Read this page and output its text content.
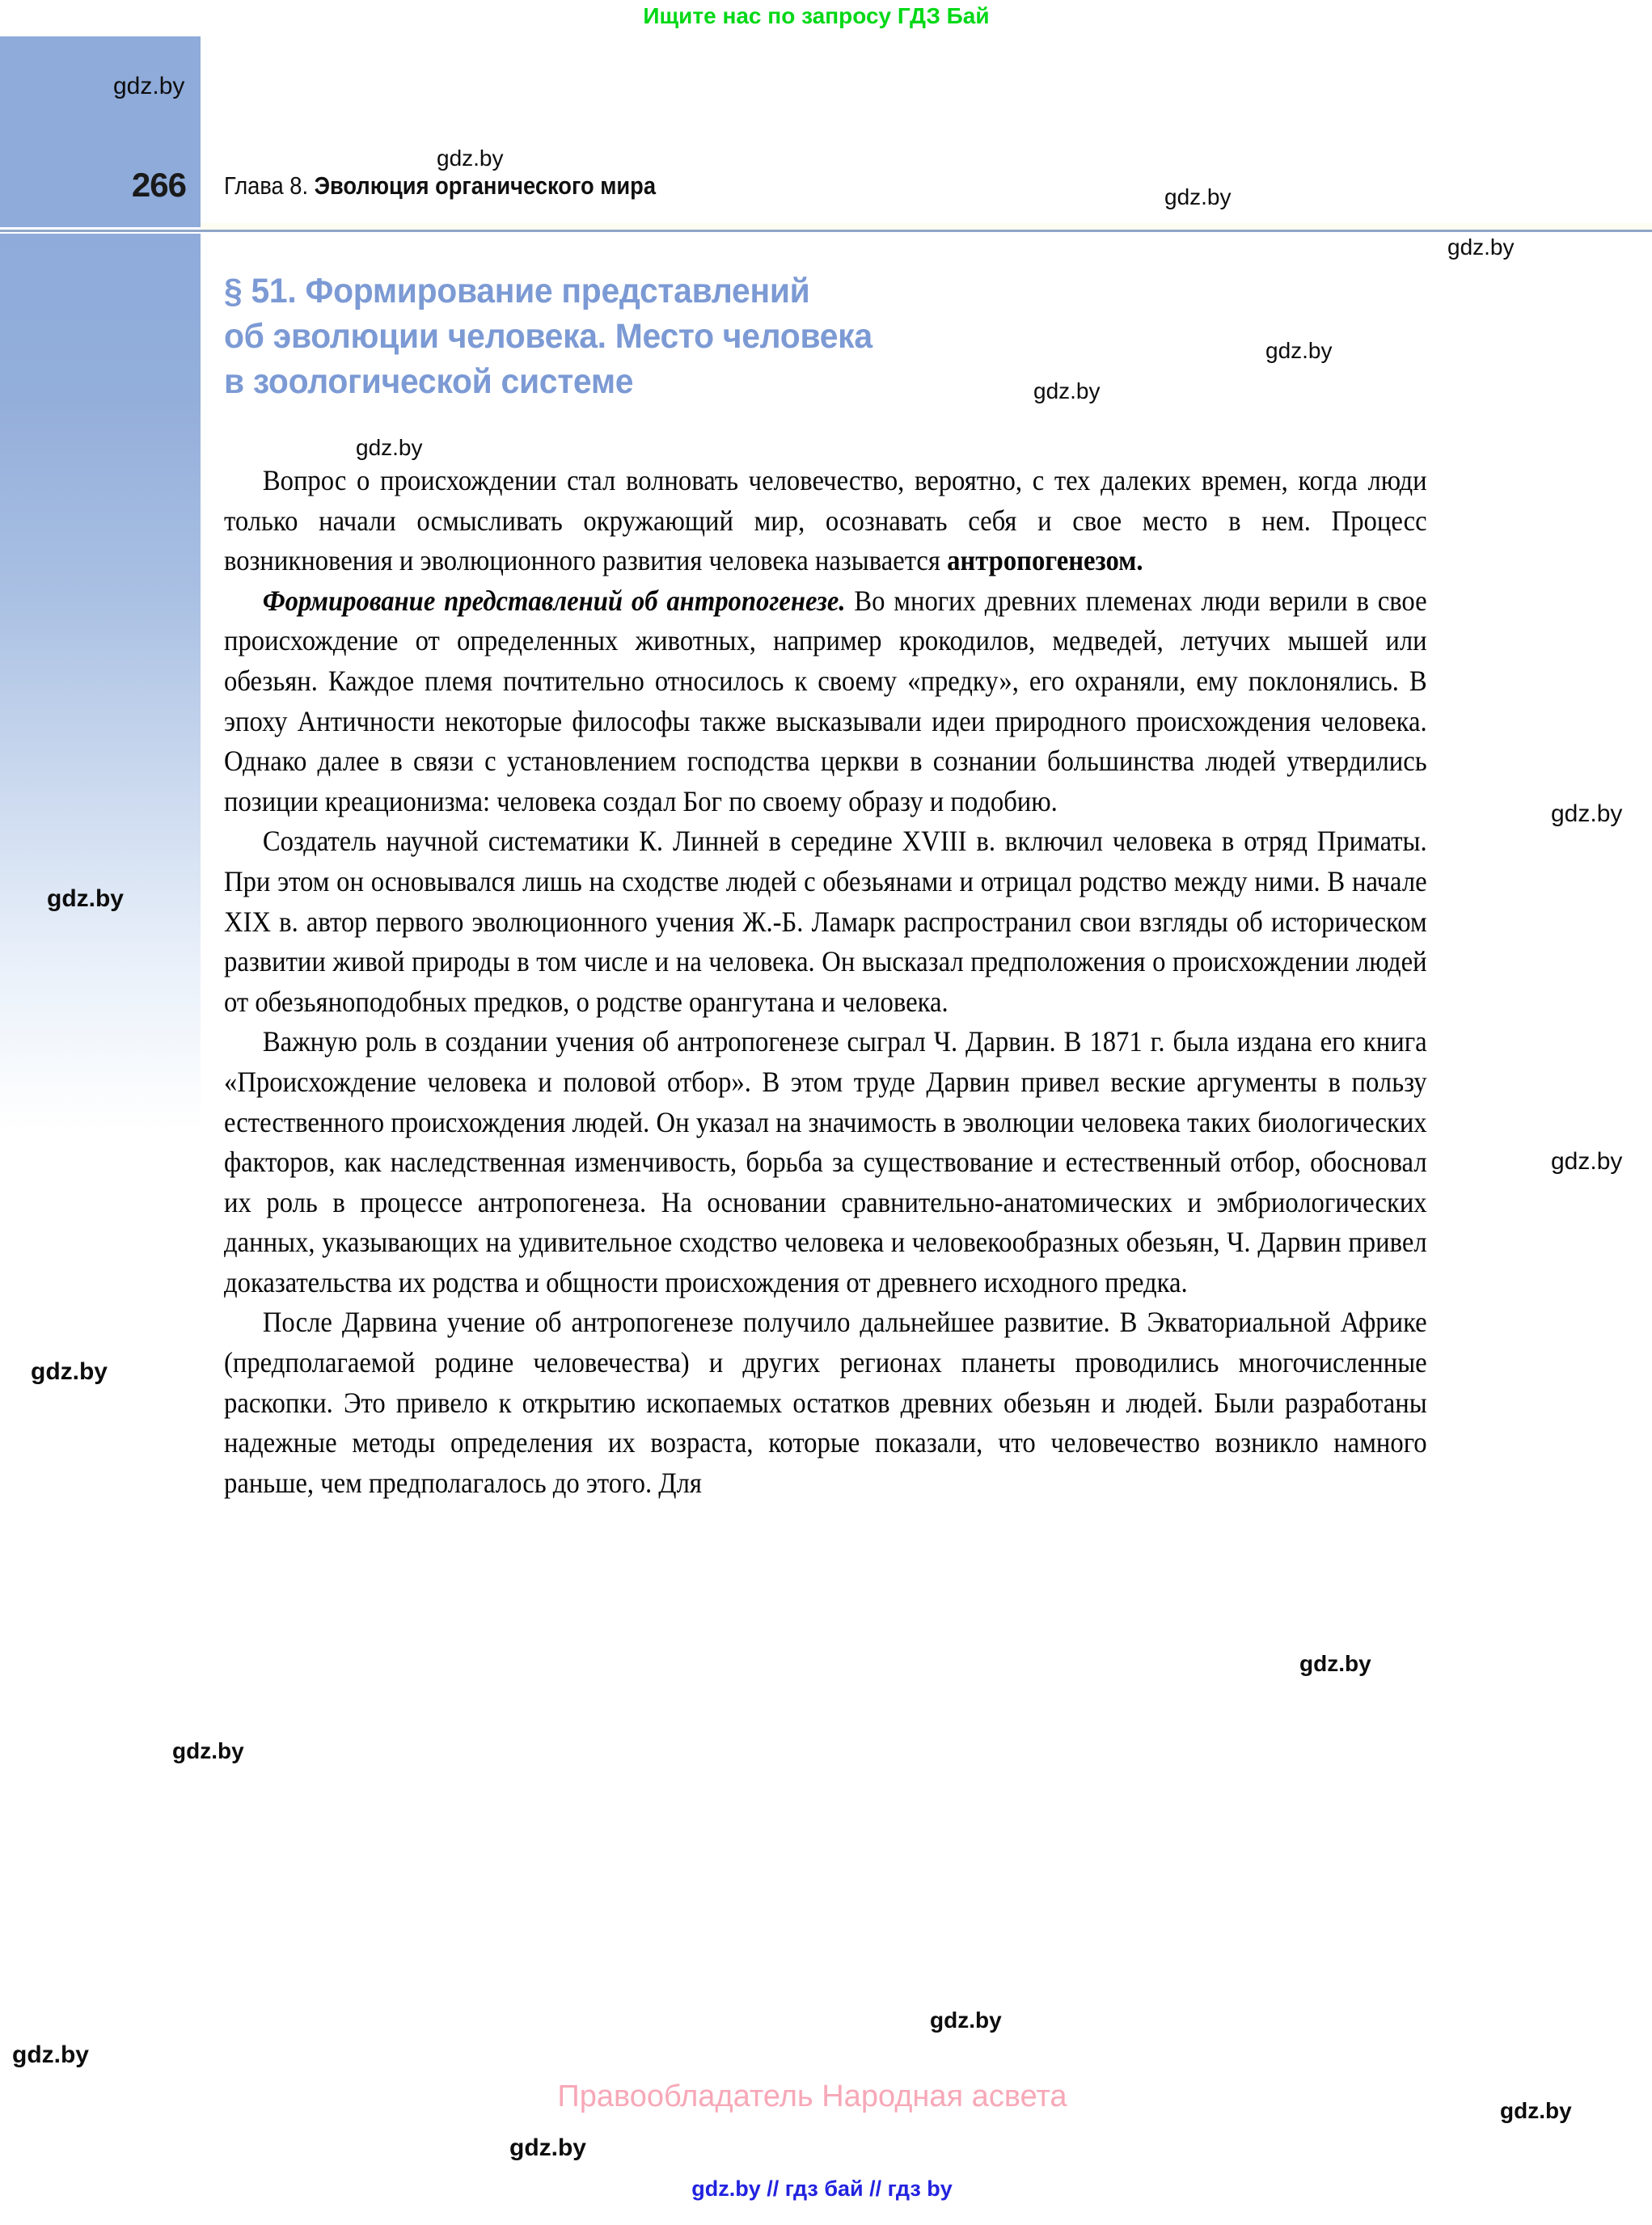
Ищите нас по запросу ГДЗ Бай
266 Глава 8. Эволюция органического мира
§ 51. Формирование представлений
об эволюции человека. Место человека
в зоологической системе

Вопрос о происхождении стал волновать человечество, вероятно, с тех далеких времен, когда люди только начали осмысливать окружающий мир, осознавать себя и свое место в нем. Процесс возникновения и эволюционного развития человека называется антропогенезом.

Формирование представлений об антропогенезе. Во многих древних племенах люди верили в свое происхождение от определенных животных, например крокодилов, медведей, летучих мышей или обезьян. Каждое племя почтительно относилось к своему «предку», его охраняли, ему поклонялись. В эпоху Античности некоторые философы также высказывали идеи природного происхождения человека. Однако далее в связи с установлением господства церкви в сознании большинства людей утвердились позиции креационизма: человека создал Бог по своему образу и подобию.

Создатель научной систематики К. Линней в середине XVIII в. включил человека в отряд Приматы. При этом он основывался лишь на сходстве людей с обезьянами и отрицал родство между ними. В начале XIX в. автор первого эволюционного учения Ж.-Б. Ламарк распространил свои взгляды об историческом развитии живой природы в том числе и на человека. Он высказал предположения о происхождении людей от обезьяноподобных предков, о родстве орангутана и человека.

Важную роль в создании учения об антропогенезе сыграл Ч. Дарвин. В 1871 г. была издана его книга «Происхождение человека и половой отбор». В этом труде Дарвин привел веские аргументы в пользу естественного происхождения людей. Он указал на значимость в эволюции человека таких биологических факторов, как наследственная изменчивость, борьба за существование и естественный отбор, обосновал их роль в процессе антропогенеза. На основании сравнительно-анатомических и эмбриологических данных, указывающих на удивительное сходство человека и человекообразных обезьян, Ч. Дарвин привел доказательства их родства и общности происхождения от древнего исходного предка.

После Дарвина учение об антропогенезе получило дальнейшее развитие. В Экваториальной Африке (предполагаемой родине человечества) и других регионах планеты проводились многочисленные раскопки. Это привело к открытию ископаемых остатков древних обезьян и людей. Были разработаны надежные методы определения их возраста, которые показали, что человечество возникло намного раньше, чем предполагалось до этого. Для

Правообладатель Народная асвета
gdz.by // гдз бай // гдз by
gdz.by
gdz.by
gdz.by
gdz.by
gdz.by
gdz.by
gdz.by
gdz.by
gdz.by
gdz.by
gdz.by
gdz.by
gdz.by
gdz.by
gdz.by
gdz.by
gdz.by
